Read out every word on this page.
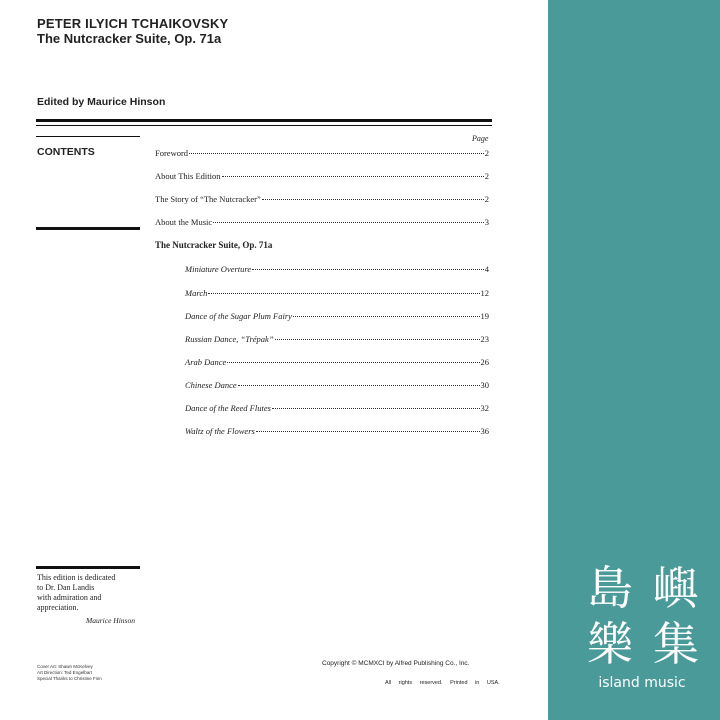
PETER ILYICH TCHAIKOVSKY
The Nutcracker Suite, Op. 71a
Edited by Maurice Hinson
CONTENTS
Page
Foreword	2
About This Edition	2
The Story of “The Nutcracker”	2
About the Music	3
The Nutcracker Suite, Op. 71a
Miniature Overture	4
March	12
Dance of the Sugar Plum Fairy	19
Russian Dance, “Trépak”	23
Arab Dance	26
Chinese Dance	30
Dance of the Reed Flutes	32
Waltz of the Flowers	36
This edition is dedicated
to Dr. Dan Landis
with admiration and
appreciation.
Maurice Hinson
Cover Art: Shawn McKelvey
Art Direction: Ted Engelbart
Special Thanks to Christine Finn
Copyright © MCMXCI by Alfred Publishing Co., Inc.
All rights reserved. Printed in USA.
島 嶼
樂 集
island music
